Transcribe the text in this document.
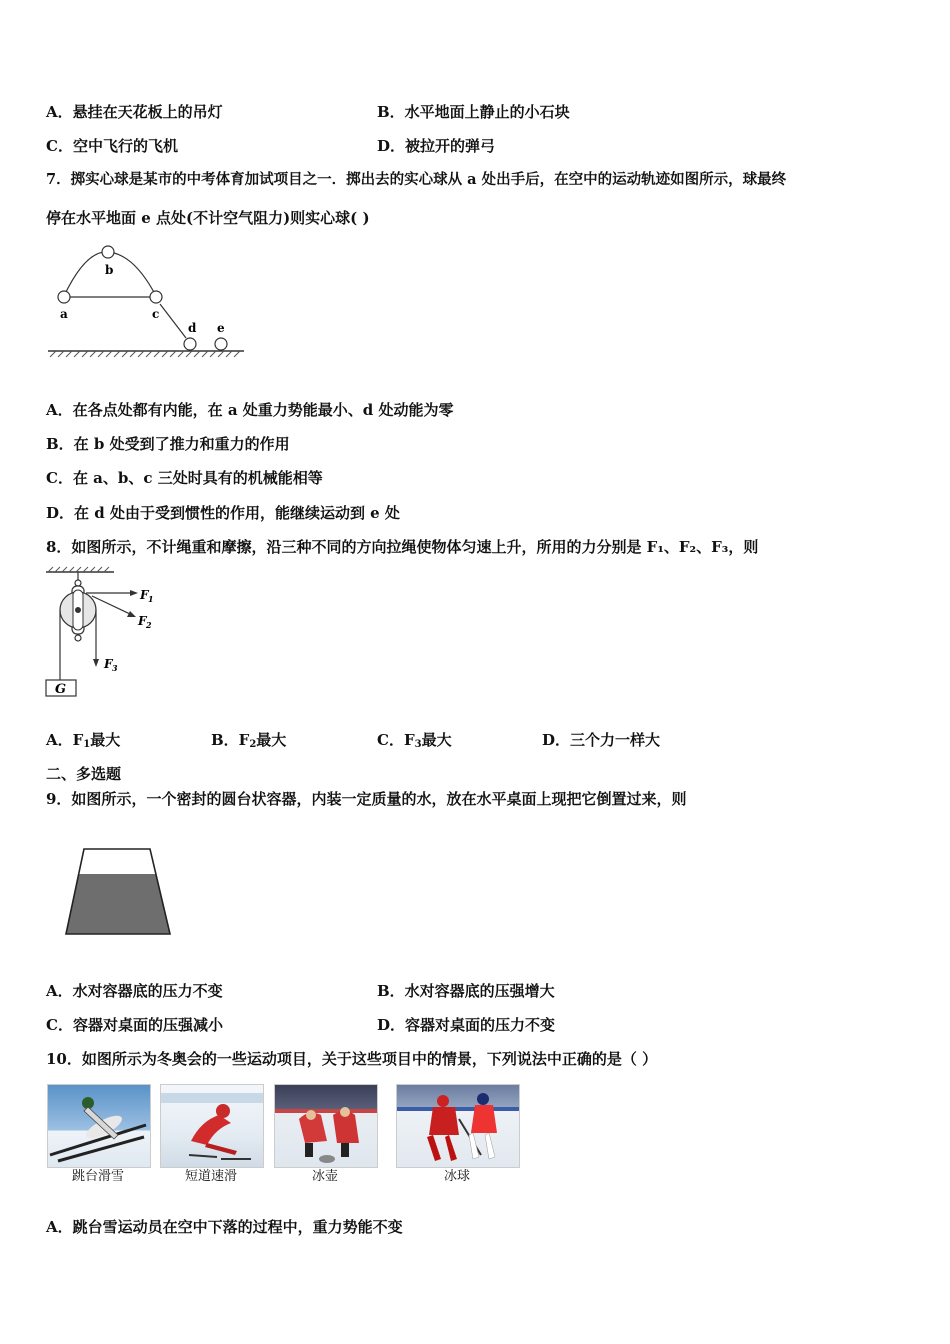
A．悬挂在天花板上的吊灯	B．水平地面上静止的小石块
C．空中飞行的飞机	D．被拉开的弹弓
7．掷实心球是某市的中考体育加试项目之一．掷出去的实心球从 a 处出手后，在空中的运动轨迹如图所示，球最终
停在水平地面 e 点处(不计空气阻力)则实心球( )
a
b
c
d e
A．在各点处都有内能，在 a 处重力势能最小、d 处动能为零
B．在 b 处受到了推力和重力的作用
C．在 a、b、c 三处时具有的机械能相等
D．在 d 处由于受到惯性的作用，能继续运动到 e 处
8．如图所示，不计绳重和摩擦，沿三种不同的方向拉绳使物体匀速上升，所用的力分别是 F₁、F₂、F₃，则
G
F 1
F 2
F 3
A．$F_1$最大	B．$F_2$最大	C．$F_3$最大	D．三个力一样大
二、多选题
9．如图所示，一个密封的圆台状容器，内装一定质量的水，放在水平桌面上现把它倒置过来，则
A．水对容器底的压力不变	B．水对容器底的压强增大
C．容器对桌面的压强减小	D．容器对桌面的压力不变
10．如图所示为冬奥会的一些运动项目，关于这些项目中的情景，下列说法中正确的是（ ）
跳台滑雪	短道速滑	冰壶	冰球
A．跳台雪运动员在空中下落的过程中，重力势能不变
